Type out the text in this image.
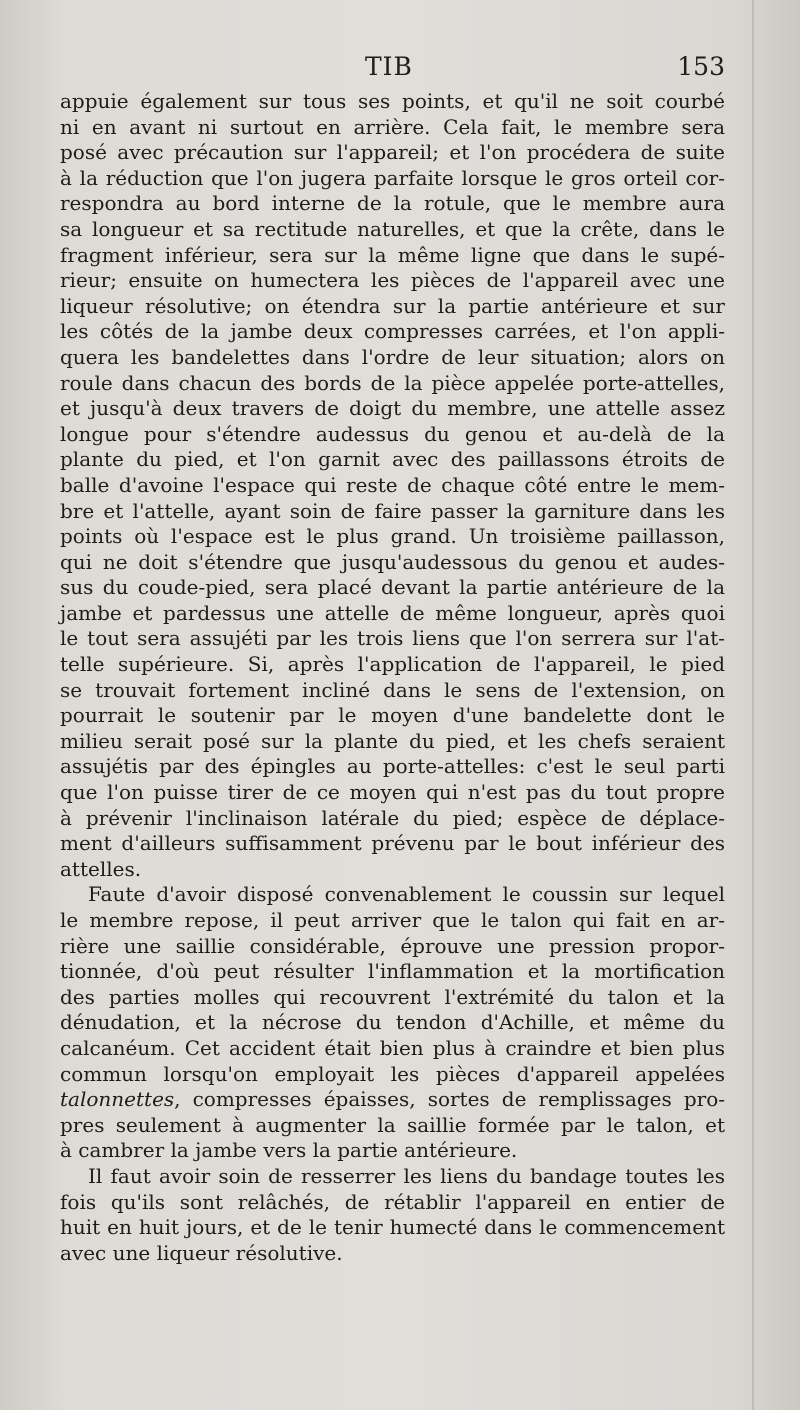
TIB	153
appuie également sur tous ses points, et qu'il ne soit courbé
ni en avant ni surtout en arrière. Cela fait, le membre sera
posé avec précaution sur l'appareil; et l'on procédera de suite
à la réduction que l'on jugera parfaite lorsque le gros orteil cor-
respondra au bord interne de la rotule, que le membre aura
sa longueur et sa rectitude naturelles, et que la crête, dans le
fragment inférieur, sera sur la même ligne que dans le supé-
rieur; ensuite on humectera les pièces de l'appareil avec une
liqueur résolutive; on étendra sur la partie antérieure et sur
les côtés de la jambe deux compresses carrées, et l'on appli-
quera les bandelettes dans l'ordre de leur situation; alors on
roule dans chacun des bords de la pièce appelée porte-attelles,
et jusqu'à deux travers de doigt du membre, une attelle assez
longue pour s'étendre audessus du genou et au-delà de la
plante du pied, et l'on garnit avec des paillassons étroits de
balle d'avoine l'espace qui reste de chaque côté entre le mem-
bre et l'attelle, ayant soin de faire passer la garniture dans les
points où l'espace est le plus grand. Un troisième paillasson,
qui ne doit s'étendre que jusqu'audessous du genou et audes-
sus du coude-pied, sera placé devant la partie antérieure de la
jambe et pardessus une attelle de même longueur, après quoi
le tout sera assujéti par les trois liens que l'on serrera sur l'at-
telle supérieure. Si, après l'application de l'appareil, le pied
se trouvait fortement incliné dans le sens de l'extension, on
pourrait le soutenir par le moyen d'une bandelette dont le
milieu serait posé sur la plante du pied, et les chefs seraient
assujétis par des épingles au porte-attelles: c'est le seul parti
que l'on puisse tirer de ce moyen qui n'est pas du tout propre
à prévenir l'inclinaison latérale du pied; espèce de déplace-
ment d'ailleurs suffisamment prévenu par le bout inférieur des
attelles.
Faute d'avoir disposé convenablement le coussin sur lequel
le membre repose, il peut arriver que le talon qui fait en ar-
rière une saillie considérable, éprouve une pression propor-
tionnée, d'où peut résulter l'inflammation et la mortification
des parties molles qui recouvrent l'extrémité du talon et la
dénudation, et la nécrose du tendon d'Achille, et même du
calcanéum. Cet accident était bien plus à craindre et bien plus
commun lorsqu'on employait les pièces d'appareil appelées
talonnettes, compresses épaisses, sortes de remplissages pro-
pres seulement à augmenter la saillie formée par le talon, et
à cambrer la jambe vers la partie antérieure.
Il faut avoir soin de resserrer les liens du bandage toutes les
fois qu'ils sont relâchés, de rétablir l'appareil en entier de
huit en huit jours, et de le tenir humecté dans le commencement
avec une liqueur résolutive.
